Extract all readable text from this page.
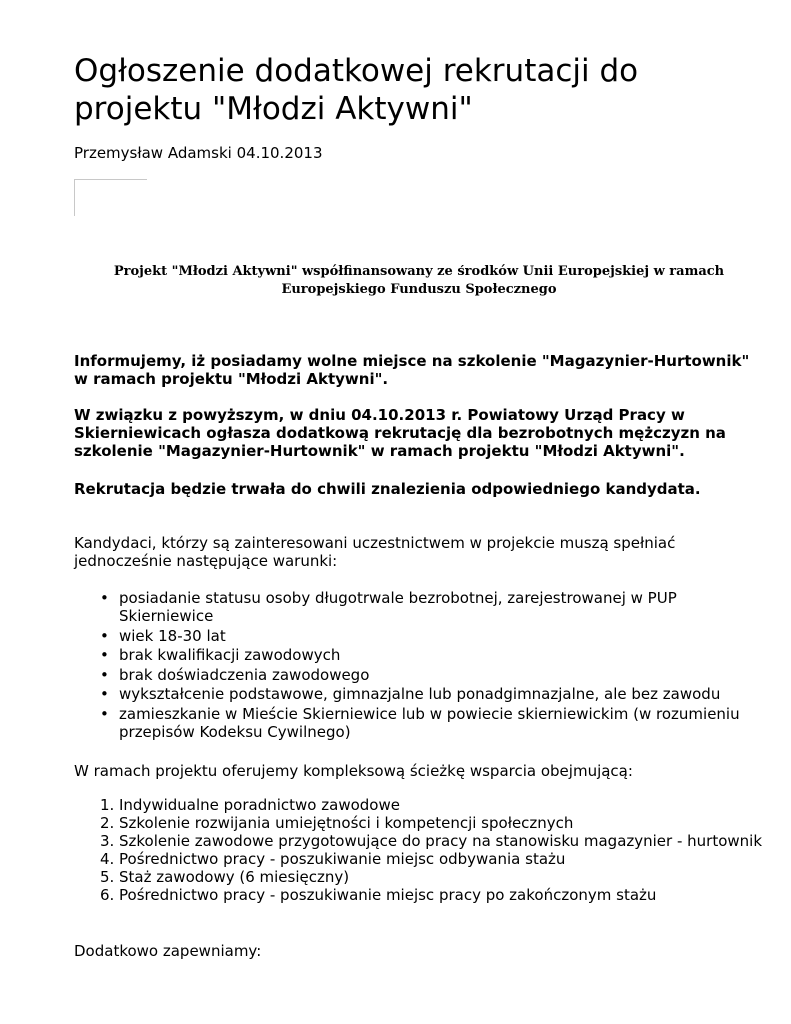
Ogłoszenie dodatkowej rekrutacji do projektu "Młodzi Aktywni"
Przemysław Adamski 04.10.2013
Projekt "Młodzi Aktywni" współfinansowany ze środków Unii Europejskiej w ramach Europejskiego Funduszu Społecznego
Informujemy, iż posiadamy wolne miejsce na szkolenie "Magazynier-Hurtownik" w ramach projektu "Młodzi Aktywni".
W związku z powyższym, w dniu 04.10.2013 r. Powiatowy Urząd Pracy w Skierniewicach ogłasza dodatkową rekrutację dla bezrobotnych mężczyzn na szkolenie "Magazynier-Hurtownik" w ramach projektu "Młodzi Aktywni".
Rekrutacja będzie trwała do chwili znalezienia odpowiedniego kandydata.
Kandydaci, którzy są zainteresowani uczestnictwem w projekcie muszą spełniać jednocześnie następujące warunki:
• posiadanie statusu osoby długotrwale bezrobotnej, zarejestrowanej w PUP Skierniewice
• wiek 18-30 lat
• brak kwalifikacji zawodowych
• brak doświadczenia zawodowego
• wykształcenie podstawowe, gimnazjalne lub ponadgimnazjalne, ale bez zawodu
• zamieszkanie w Mieście Skierniewice lub w powiecie skierniewickim (w rozumieniu przepisów Kodeksu Cywilnego)
W ramach projektu oferujemy kompleksową ścieżkę wsparcia obejmującą:
1. Indywidualne poradnictwo zawodowe
2. Szkolenie rozwijania umiejętności i kompetencji społecznych
3. Szkolenie zawodowe przygotowujące do pracy na stanowisku magazynier - hurtownik
4. Pośrednictwo pracy - poszukiwanie miejsc odbywania stażu
5. Staż zawodowy (6 miesięczny)
6. Pośrednictwo pracy - poszukiwanie miejsc pracy po zakończonym stażu
Dodatkowo zapewniamy:
